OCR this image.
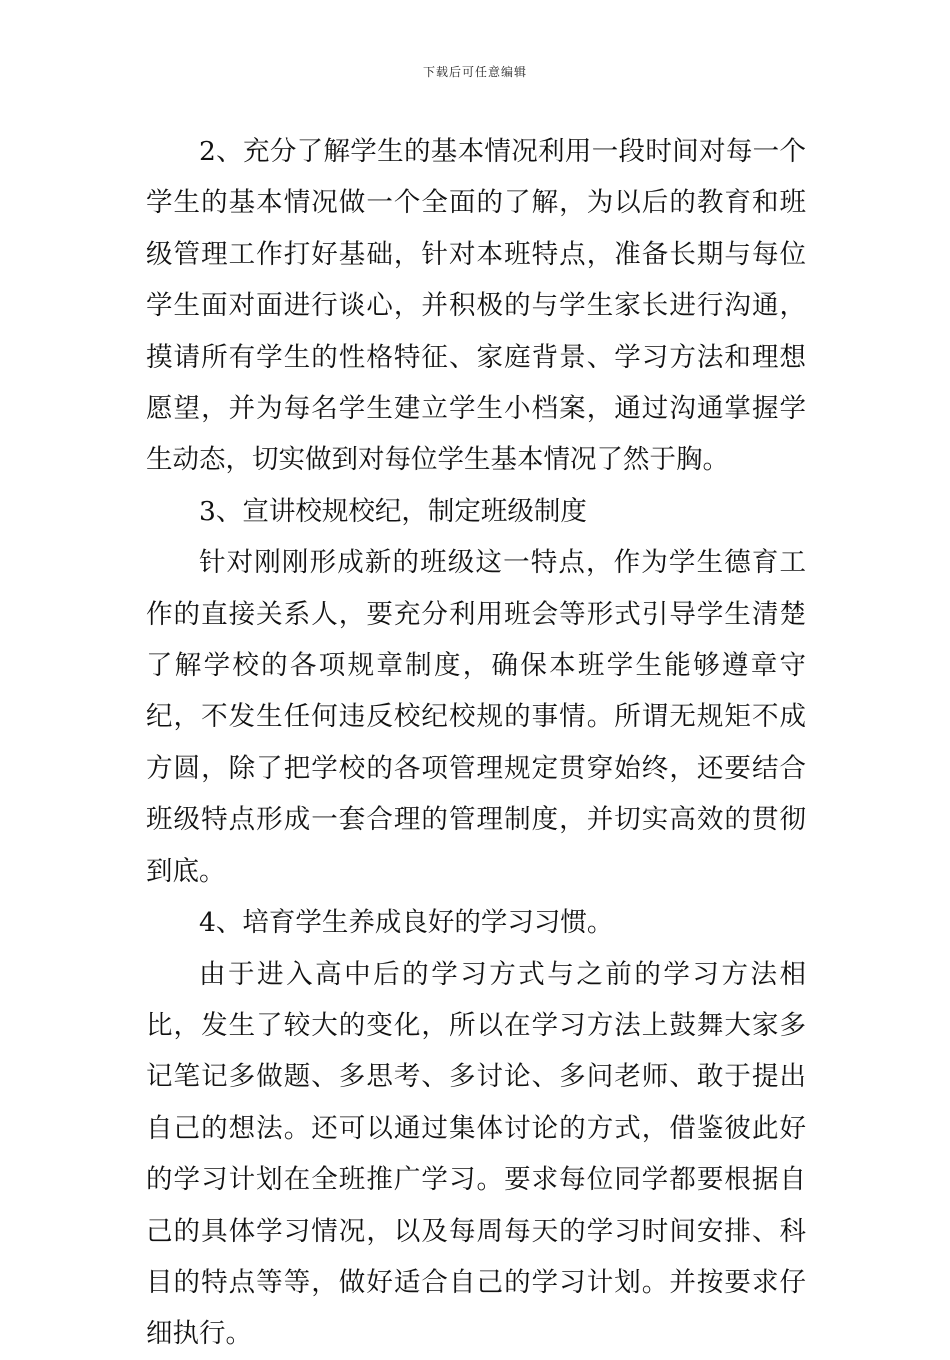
下载后可任意编辑

2、充分了解学生的基本情况利用一段时间对每一个学生的基本情况做一个全面的了解，为以后的教育和班级管理工作打好基础，针对本班特点，准备长期与每位学生面对面进行谈心，并积极的与学生家长进行沟通，摸请所有学生的性格特征、家庭背景、学习方法和理想愿望，并为每名学生建立学生小档案，通过沟通掌握学生动态，切实做到对每位学生基本情况了然于胸。

3、宣讲校规校纪，制定班级制度

针对刚刚形成新的班级这一特点，作为学生德育工作的直接关系人，要充分利用班会等形式引导学生清楚了解学校的各项规章制度，确保本班学生能够遵章守纪，不发生任何违反校纪校规的事情。所谓无规矩不成方圆，除了把学校的各项管理规定贯穿始终，还要结合班级特点形成一套合理的管理制度，并切实高效的贯彻到底。

4、培育学生养成良好的学习习惯。

由于进入高中后的学习方式与之前的学习方法相比，发生了较大的变化，所以在学习方法上鼓舞大家多记笔记多做题、多思考、多讨论、多问老师、敢于提出自己的想法。还可以通过集体讨论的方式，借鉴彼此好的学习计划在全班推广学习。要求每位同学都要根据自己的具体学习情况，以及每周每天的学习时间安排、科目的特点等等，做好适合自己的学习计划。并按要求仔细执行。
